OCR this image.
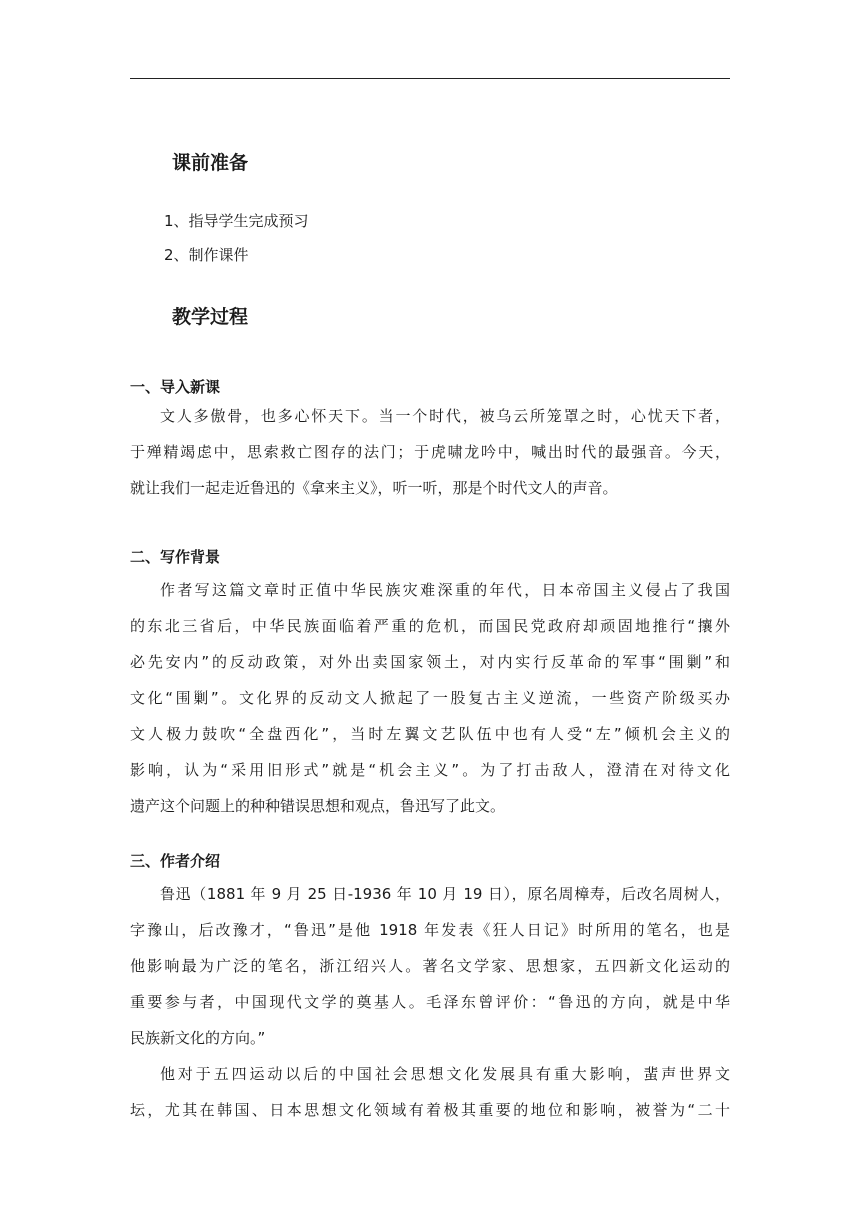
课前准备
1、指导学生完成预习
2、制作课件
教学过程
一、导入新课
文人多傲骨，也多心怀天下。当一个时代，被乌云所笼罩之时，心忧天下者，
于殚精竭虑中，思索救亡图存的法门；于虎啸龙吟中，喊出时代的最强音。今天，
就让我们一起走近鲁迅的《拿来主义》，听一听，那是个时代文人的声音。
二、写作背景
作者写这篇文章时正值中华民族灾难深重的年代，日本帝国主义侵占了我国
的东北三省后，中华民族面临着严重的危机，而国民党政府却顽固地推行“攘外
必先安内”的反动政策，对外出卖国家领土，对内实行反革命的军事“围剿”和
文化“围剿”。文化界的反动文人掀起了一股复古主义逆流，一些资产阶级买办
文人极力鼓吹“全盘西化”，当时左翼文艺队伍中也有人受“左”倾机会主义的
影响，认为“采用旧形式”就是“机会主义”。为了打击敌人，澄清在对待文化
遗产这个问题上的种种错误思想和观点，鲁迅写了此文。
三、作者介绍
鲁迅（1881 年 9 月 25 日-1936 年 10 月 19 日），原名周樟寿，后改名周树人，
字豫山，后改豫才，“鲁迅”是他 1918 年发表《狂人日记》时所用的笔名，也是
他影响最为广泛的笔名，浙江绍兴人。著名文学家、思想家，五四新文化运动的
重要参与者，中国现代文学的奠基人。毛泽东曾评价：“鲁迅的方向，就是中华
民族新文化的方向。”
他对于五四运动以后的中国社会思想文化发展具有重大影响，蜚声世界文
坛，尤其在韩国、日本思想文化领域有着极其重要的地位和影响，被誉为“二十
